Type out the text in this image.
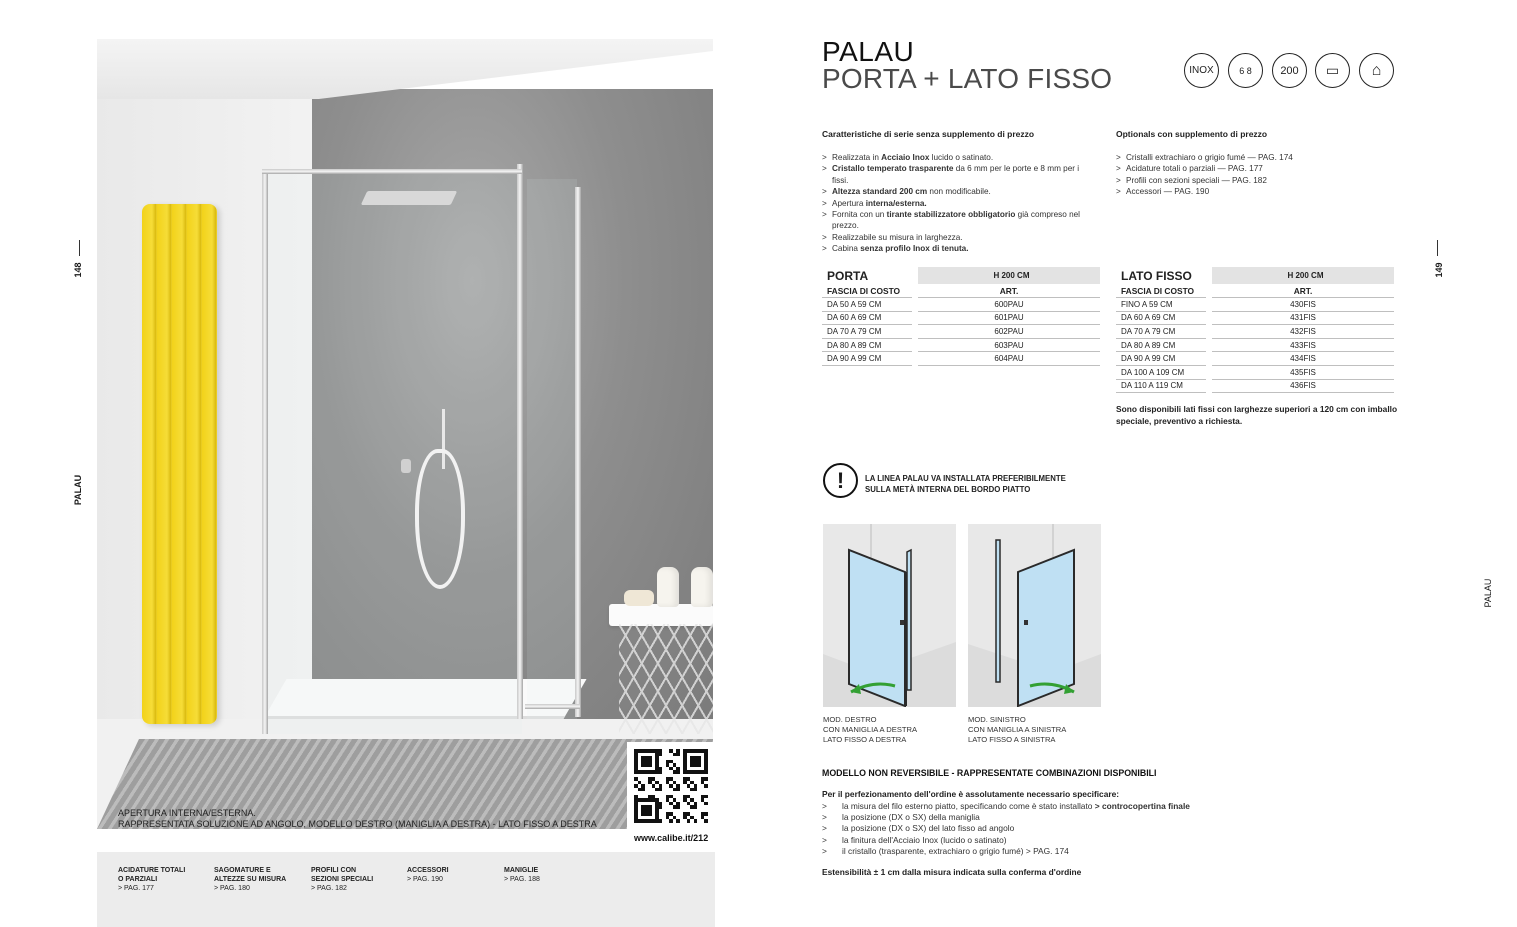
148
PALAU
APERTURA INTERNA/ESTERNA.
RAPPRESENTATA SOLUZIONE AD ANGOLO, MODELLO DESTRO (MANIGLIA A DESTRA) - LATO FISSO A DESTRA
www.calibe.it/212
ACIDATURE TOTALI
O PARZIALI
> PAG. 177
SAGOMATURE E
ALTEZZE SU MISURA
> PAG. 180
PROFILI CON
SEZIONI SPECIALI
> PAG. 182
ACCESSORI
> PAG. 190
MANIGLIE
> PAG. 188
149
PALAU
PALAU
PORTA + LATO FISSO	INOX	6 8	200	▭	⌂
Caratteristiche di serie senza supplemento di prezzo
> Realizzata in Acciaio Inox lucido o satinato.
> Cristallo temperato trasparente da 6 mm per le porte e 8 mm per i fissi.
> Altezza standard 200 cm non modificabile.
> Apertura interna/esterna.
> Fornita con un tirante stabilizzatore obbligatorio già compreso nel prezzo.
> Realizzabile su misura in larghezza.
> Cabina senza profilo Inox di tenuta.
Optionals con supplemento di prezzo
> Cristalli extrachiaro o grigio fumé — PAG. 174
> Acidature totali o parziali — PAG. 177
> Profili con sezioni speciali — PAG. 182
> Accessori — PAG. 190
PORTA		H 200 CM
FASCIA DI COSTO		ART.
DA 50 A 59 CM		600PAU
DA 60 A 69 CM		601PAU
DA 70 A 79 CM		602PAU
DA 80 A 89 CM		603PAU
DA 90 A 99 CM		604PAU
LATO FISSO		H 200 CM
FASCIA DI COSTO		ART.
FINO A 59 CM		430FIS
DA 60 A 69 CM		431FIS
DA 70 A 79 CM		432FIS
DA 80 A 89 CM		433FIS
DA 90 A 99 CM		434FIS
DA 100 A 109 CM		435FIS
DA 110 A 119 CM		436FIS
Sono disponibili lati fissi con larghezze superiori a 120 cm con imballo speciale, preventivo a richiesta.
!	LA LINEA PALAU VA INSTALLATA PREFERIBILMENTE
SULLA METÀ INTERNA DEL BORDO PIATTO
MOD. DESTRO
CON MANIGLIA A DESTRA
LATO FISSO A DESTRA
MOD. SINISTRO
CON MANIGLIA A SINISTRA
LATO FISSO A SINISTRA
MODELLO NON REVERSIBILE - RAPPRESENTATE COMBINAZIONI DISPONIBILI
Per il perfezionamento dell'ordine è assolutamente necessario specificare:
> la misura del filo esterno piatto, specificando come è stato installato > controcopertina finale
> la posizione (DX o SX) della maniglia
> la posizione (DX o SX) del lato fisso ad angolo
> la finitura dell'Acciaio Inox (lucido o satinato)
> il cristallo (trasparente, extrachiaro o grigio fumé) > PAG. 174
Estensibilità ± 1 cm dalla misura indicata sulla conferma d'ordine
